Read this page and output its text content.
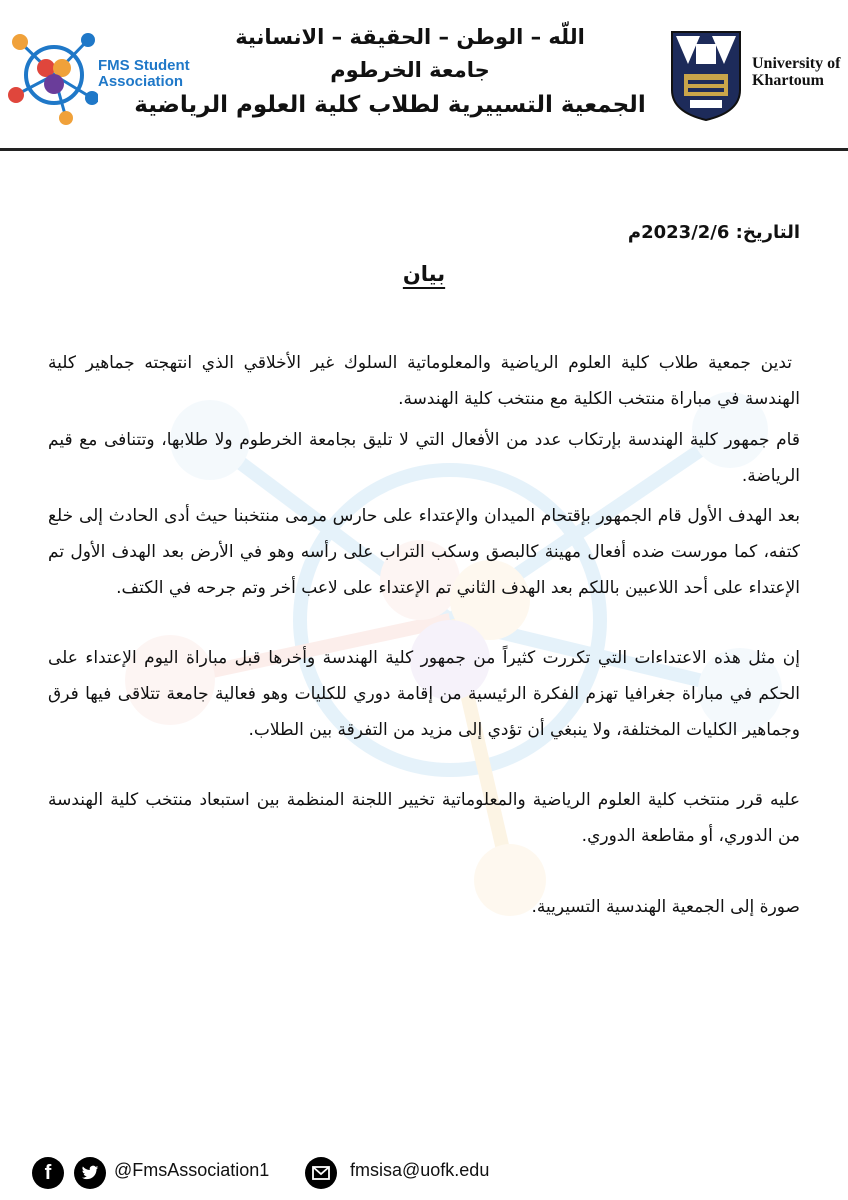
FMS Student
Association
اللّه – الوطن – الحقيقة – الانسانية
جامعة الخرطوم
الجمعية التسييرية لطلاب كلية العلوم الرياضية
University of
Khartoum
التاريخ: 2023/2/6م
بيان
تدين جمعية طلاب كلية العلوم الرياضية والمعلوماتية السلوك غير الأخلاقي الذي انتهجته جماهير كلية الهندسة في مباراة منتخب الكلية مع منتخب كلية الهندسة.
قام جمهور كلية الهندسة بإرتكاب عدد من الأفعال التي لا تليق بجامعة الخرطوم ولا طلابها، وتتنافى مع قيم الرياضة.
بعد الهدف الأول قام الجمهور بإقتحام الميدان والإعتداء على حارس مرمى منتخبنا حيث أدى الحادث إلى خلع كتفه، كما مورست ضده أفعال مهينة كالبصق وسكب التراب على رأسه وهو في الأرض بعد الهدف الأول تم الإعتداء على أحد اللاعبين باللكم بعد الهدف الثاني تم الإعتداء على لاعب أخر وتم جرحه في الكتف.
إن مثل هذه الاعتداءات التي تكررت كثيراً من جمهور كلية الهندسة وأخرها قبل مباراة اليوم الإعتداء على الحكم في مباراة جغرافيا تهزم الفكرة الرئيسية من إقامة دوري للكليات وهو فعالية جامعة تتلاقى فيها فرق وجماهير الكليات المختلفة، ولا ينبغي أن تؤدي إلى مزيد من التفرقة بين الطلاب.
عليه قرر منتخب كلية العلوم الرياضية والمعلوماتية تخيير اللجنة المنظمة بين استبعاد منتخب كلية الهندسة من الدوري، أو مقاطعة الدوري.
صورة إلى الجمعية الهندسية التسيريية.
f	@FmsAssociation1	fmsisa@uofk.edu
